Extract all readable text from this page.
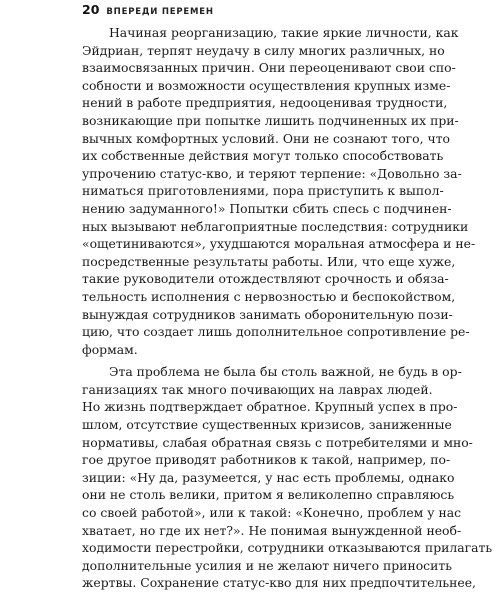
20 ВПЕРЕДИ ПЕРЕМЕН
Начиная реорганизацию, такие яркие личности, как
Эйдриан, терпят неудачу в силу многих различных, но
взаимосвязанных причин. Они переоценивают свои спо-
собности и возможности осуществления крупных изме-
нений в работе предприятия, недооценивая трудности,
возникающие при попытке лишить подчиненных их при-
вычных комфортных условий. Они не сознают того, что
их собственные действия могут только способствовать
упрочению статус-кво, и теряют терпение: «Довольно за-
ниматься приготовлениями, пора приступить к выпол-
нению задуманного!» Попытки сбить спесь с подчинен-
ных вызывают неблагоприятные последствия: сотрудники
«ощетиниваются», ухудшаются моральная атмосфера и не-
посредственные результаты работы. Или, что еще хуже,
такие руководители отождествляют срочность и обяза-
тельность исполнения с нервозностью и беспокойством,
вынуждая сотрудников занимать оборонительную пози-
цию, что создает лишь дополнительное сопротивление ре-
формам.
Эта проблема не была бы столь важной, не будь в ор-
ганизациях так много почивающих на лаврах людей.
Но жизнь подтверждает обратное. Крупный успех в про-
шлом, отсутствие существенных кризисов, заниженные
нормативы, слабая обратная связь с потребителями и мно-
гое другое приводят работников к такой, например, по-
зиции: «Ну да, разумеется, у нас есть проблемы, однако
они не столь велики, притом я великолепно справляюсь
со своей работой», или к такой: «Конечно, проблем у нас
хватает, но где их нет?». Не понимая вынужденной необ-
ходимости перестройки, сотрудники отказываются прилагать
дополнительные усилия и не желают ничего приносить
жертвы. Сохранение статус-кво для них предпочтительнее,
